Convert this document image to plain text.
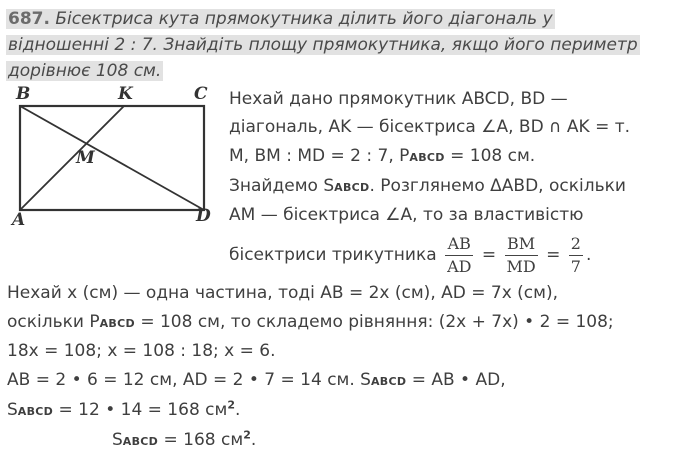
687. Бісектриса кута прямокутника ділить його діагональ у
відношенні 2 : 7. Знайдіть площу прямокутника, якщо його периметр
дорівнює 108 см.
B	K	C
M
A	D
Нехай дано прямокутник ABCD, BD —
діагональ, AK — бісектриса ∠A, BD ∩ AK = т.
M, BM : MD = 2 : 7, PABCD = 108 см.
Знайдемо SABCD. Розглянемо ΔABD, оскільки
AM — бісектриса ∠A, то за властивістю
бісектриси трикутника $\frac{AB}{AD} = \frac{BM}{MD} = \frac{2}{7}$ .
Нехай x (см) — одна частина, тоді AB = 2x (см), AD = 7x (см),
оскільки PABCD = 108 см, то складемо рівняння: (2x + 7x) • 2 = 108;
18x = 108; x = 108 : 18; x = 6.
AB = 2 • 6 = 12 см, AD = 2 • 7 = 14 см. SABCD = AB • AD,
SABCD = 12 • 14 = 168 $см^2$.
SABCD = 168 $см^2$.
